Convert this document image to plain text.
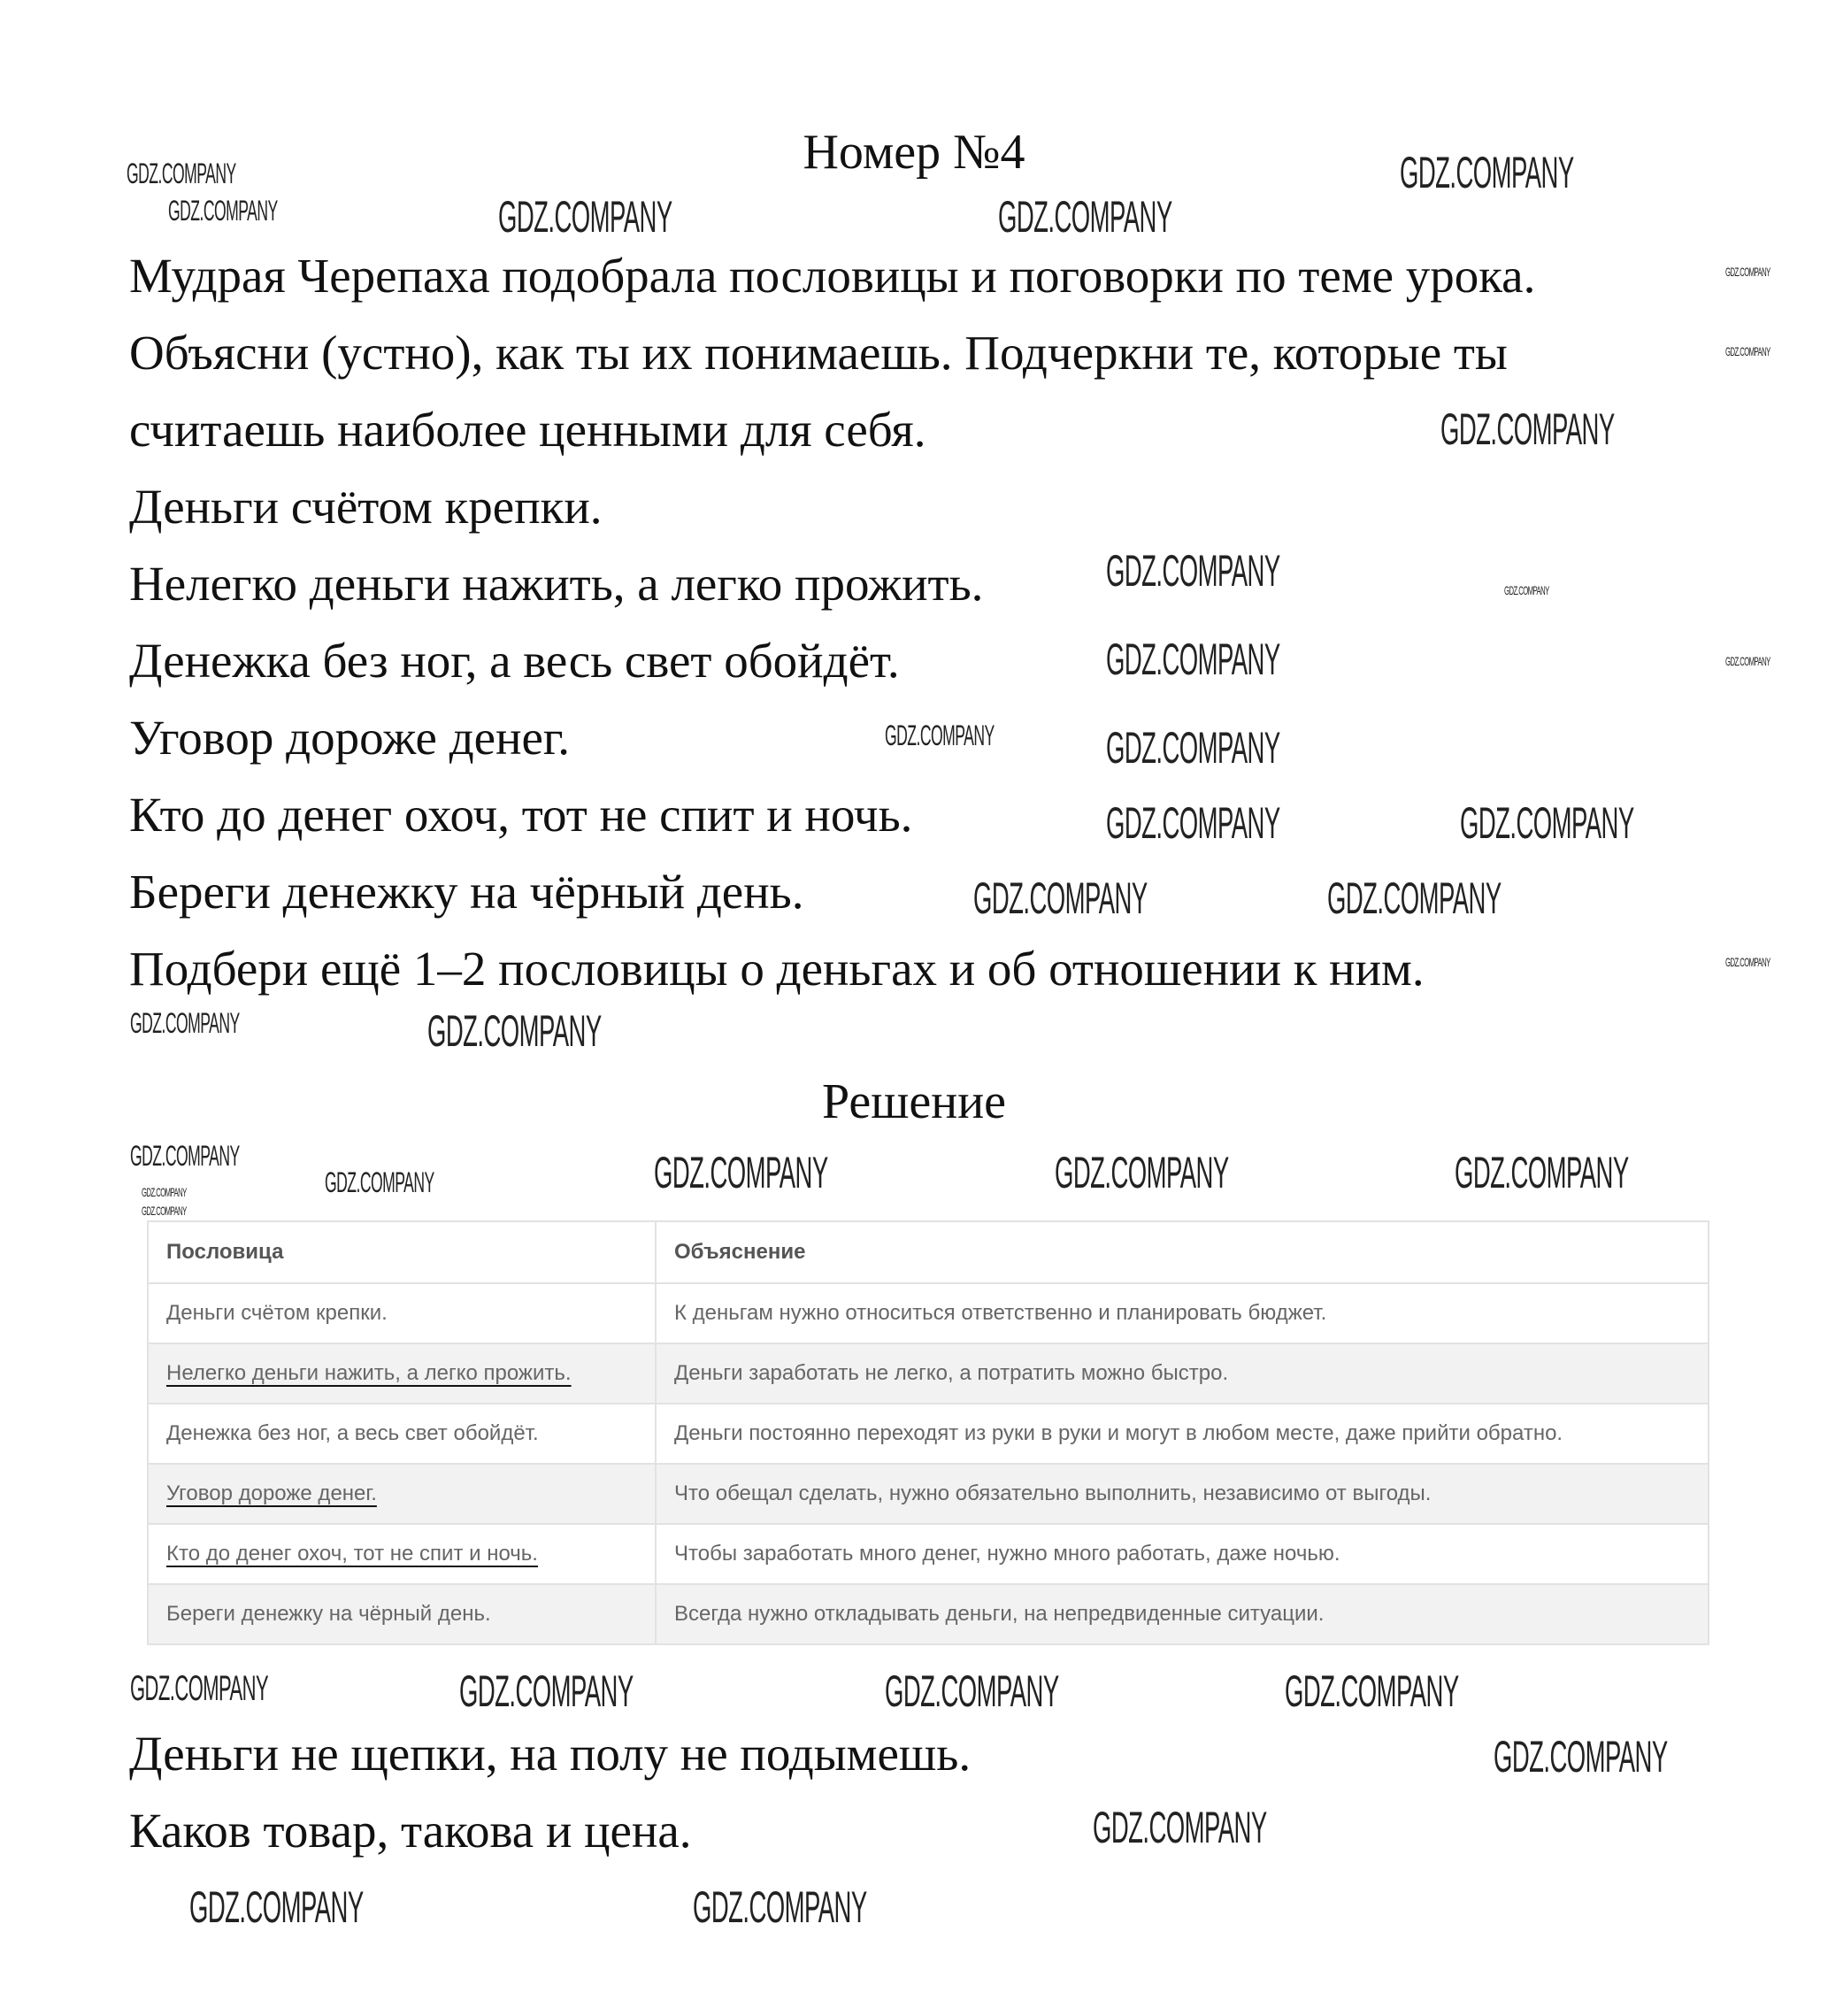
Номер №4
Мудрая Черепаха подобрала пословицы и поговорки по теме урока.
Объясни (устно), как ты их понимаешь. Подчеркни те, которые ты
считаешь наиболее ценными для себя.
Деньги счётом крепки.
Нелегко деньги нажить, а легко прожить.
Денежка без ног, а весь свет обойдёт.
Уговор дороже денег.
Кто до денег охоч, тот не спит и ночь.
Береги денежку на чёрный день.
Подбери ещё 1–2 пословицы о деньгах и об отношении к ним.
Решение
Пословица	Объяснение
Деньги счётом крепки.	К деньгам нужно относиться ответственно и планировать бюджет.
Нелегко деньги нажить, а легко прожить.	Деньги заработать не легко, а потратить можно быстро.
Денежка без ног, а весь свет обойдёт.	Деньги постоянно переходят из руки в руки и могут в любом месте, даже прийти обратно.
Уговор дороже денег.	Что обещал сделать, нужно обязательно выполнить, независимо от выгоды.
Кто до денег охоч, тот не спит и ночь.	Чтобы заработать много денег, нужно много работать, даже ночью.
Береги денежку на чёрный день.	Всегда нужно откладывать деньги, на непредвиденные ситуации.
Деньги не щепки, на полу не подымешь.
Каков товар, такова и цена.
GDZ.COMPANY	GDZ.COMPANY
GDZ.COMPANY	GDZ.COMPANY	GDZ.COMPANY
GDZ.COMPANY
GDZ.COMPANY
GDZ.COMPANY
GDZ.COMPANY
GDZ.COMPANY
GDZ.COMPANY
GDZ.COMPANY
GDZ.COMPANY	GDZ.COMPANY
GDZ.COMPANY	GDZ.COMPANY
GDZ.COMPANY
GDZ.COMPANY	GDZ.COMPANY
GDZ.COMPANY	GDZ.COMPANY
GDZ.COMPANY	GDZ.COMPANY	GDZ.COMPANY
GDZ.COMPANY	GDZ.COMPANY	GDZ.COMPANY
GDZ.COMPANY
GDZ.COMPANY	GDZ.COMPANY	GDZ.COMPANY
GDZ.COMPANY
GDZ.COMPANY
GDZ.COMPANY
GDZ.COMPANY	GDZ.COMPANY
